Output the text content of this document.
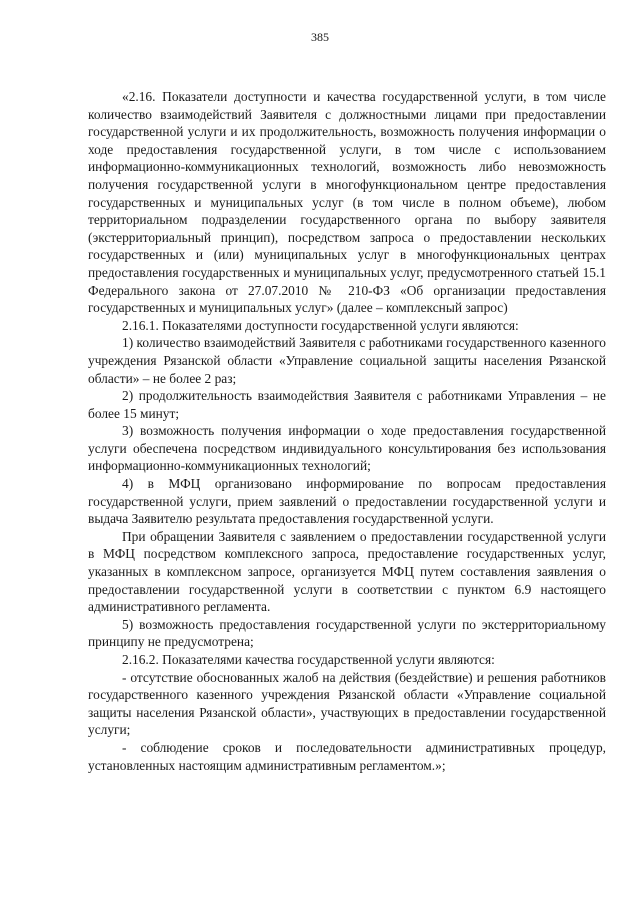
385

«2.16. Показатели доступности и качества государственной услуги, в том числе количество взаимодействий Заявителя с должностными лицами при предоставлении государственной услуги и их продолжительность, возможность получения информации о ходе предоставления государственной услуги, в том числе с использованием информационно-коммуникационных технологий, возможность либо невозможность получения государственной услуги в многофункциональном центре предоставления государственных и муниципальных услуг (в том числе в полном объеме), любом территориальном подразделении государственного органа по выбору заявителя (экстерриториальный принцип), посредством запроса о предоставлении нескольких государственных и (или) муниципальных услуг в многофункциональных центрах предоставления государственных и муниципальных услуг, предусмотренного статьей 15.1 Федерального закона от 27.07.2010 № 210-ФЗ «Об организации предоставления государственных и муниципальных услуг» (далее – комплексный запрос)

2.16.1. Показателями доступности государственной услуги являются:

1) количество взаимодействий Заявителя с работниками государственного казенного учреждения Рязанской области «Управление социальной защиты населения Рязанской области» – не более 2 раз;

2) продолжительность взаимодействия Заявителя с работниками Управления – не более 15 минут;

3) возможность получения информации о ходе предоставления государственной услуги обеспечена посредством индивидуального консультирования без использования информационно-коммуникационных технологий;

4) в МФЦ организовано информирование по вопросам предоставления государственной услуги, прием заявлений о предоставлении государственной услуги и выдача Заявителю результата предоставления государственной услуги.

При обращении Заявителя с заявлением о предоставлении государственной услуги в МФЦ посредством комплексного запроса, предоставление государственных услуг, указанных в комплексном запросе, организуется МФЦ путем составления заявления о предоставлении государственной услуги в соответствии с пунктом 6.9 настоящего административного регламента.

5) возможность предоставления государственной услуги по экстерриториальному принципу не предусмотрена;

2.16.2. Показателями качества государственной услуги являются:

- отсутствие обоснованных жалоб на действия (бездействие) и решения работников государственного казенного учреждения Рязанской области «Управление социальной защиты населения Рязанской области», участвующих в предоставлении государственной услуги;

- соблюдение сроков и последовательности административных процедур, установленных настоящим административным регламентом.»;
